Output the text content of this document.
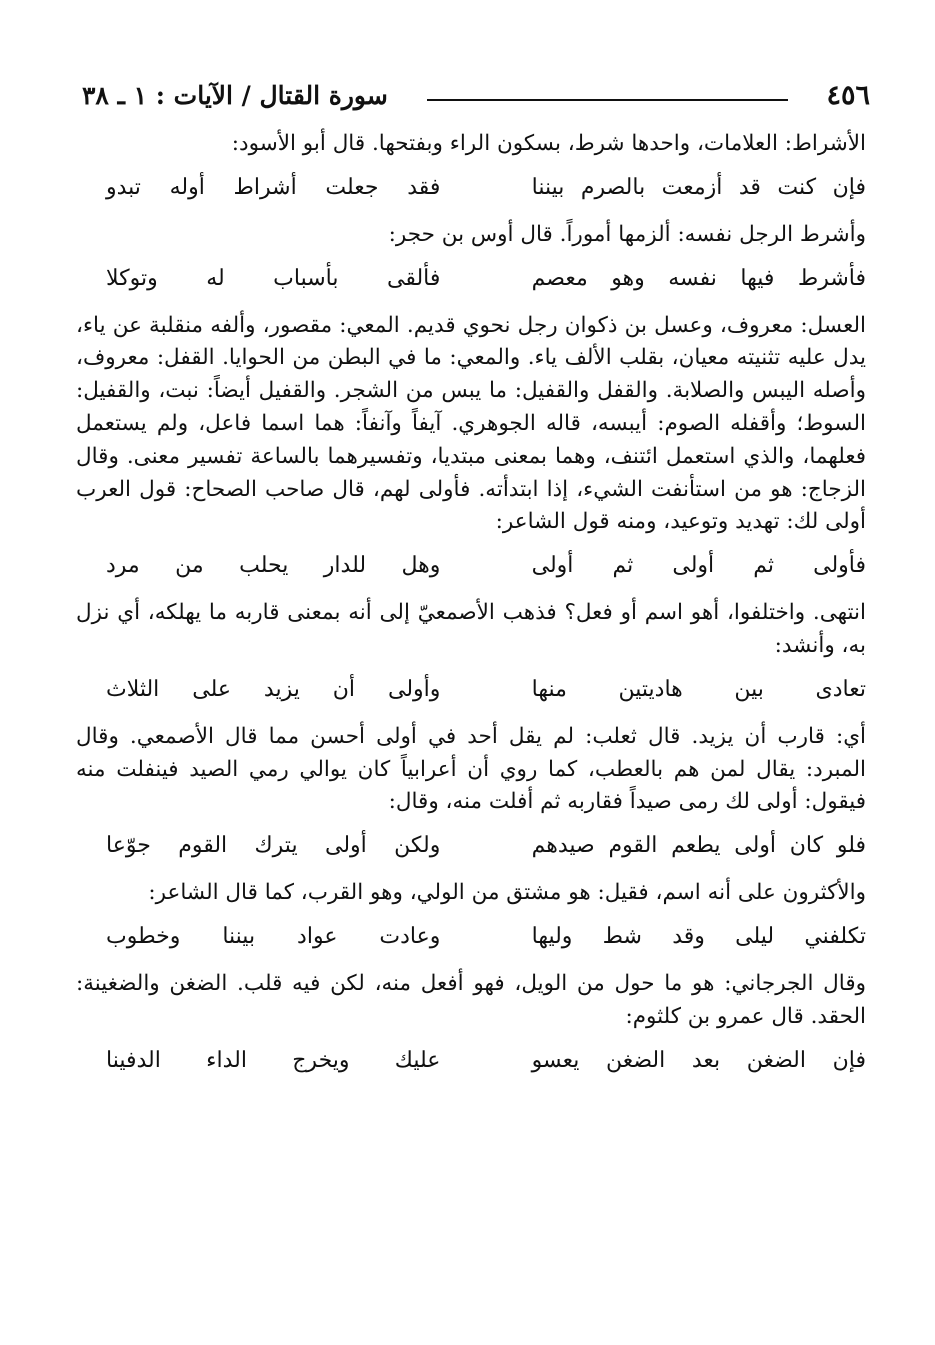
٤٥٦
سورة القتال / الآيات : ١ ـ ٣٨

الأشراط: العلامات، واحدها شرط، بسكون الراء وبفتحها. قال أبو الأسود:

فإن كنت قد أزمعت بالصرم بيننا
فقد جعلت أشراط أوله تبدو

وأشرط الرجل نفسه: ألزمها أموراً. قال أوس بن حجر:

فأشرط فيها نفسه وهو معصم
فألقى بأسباب له وتوكلا

العسل: معروف، وعسل بن ذكوان رجل نحوي قديم. المعي: مقصور، وألفه منقلبة عن ياء، يدل عليه تثنيته معيان، بقلب الألف ياء. والمعي: ما في البطن من الحوايا. القفل: معروف، وأصله اليبس والصلابة. والقفل والقفيل: ما يبس من الشجر. والقفيل أيضاً: نبت، والقفيل: السوط؛ وأقفله الصوم: أيبسه، قاله الجوهري. آيفاً وآنفاً: هما اسما فاعل، ولم يستعمل فعلهما، والذي استعمل ائتنف، وهما بمعنى مبتديا، وتفسيرهما بالساعة تفسير معنى. وقال الزجاج: هو من استأنفت الشيء، إذا ابتدأته. فأولى لهم، قال صاحب الصحاح: قول العرب أولى لك: تهديد وتوعيد، ومنه قول الشاعر:

فأولى ثم أولى ثم أولى
وهل للدار يحلب من مرد

انتهى. واختلفوا، أهو اسم أو فعل؟ فذهب الأصمعيّ إلى أنه بمعنى قاربه ما يهلكه، أي نزل به، وأنشد:

تعادى بين هاديتين منها
وأولى أن يزيد على الثلاث

أي: قارب أن يزيد. قال ثعلب: لم يقل أحد في أولى أحسن مما قال الأصمعي. وقال المبرد: يقال لمن هم بالعطب، كما روي أن أعرابياً كان يوالي رمي الصيد فينفلت منه فيقول: أولى لك رمى صيداً فقاربه ثم أفلت منه، وقال:

فلو كان أولى يطعم القوم صيدهم
ولكن أولى يترك القوم جوّعا

والأكثرون على أنه اسم، فقيل: هو مشتق من الولي، وهو القرب، كما قال الشاعر:

تكلفني ليلى وقد شط وليها
وعادت عواد بيننا وخطوب

وقال الجرجاني: هو ما حول من الويل، فهو أفعل منه، لكن فيه قلب. الضغن والضغينة: الحقد. قال عمرو بن كلثوم:

فإن الضغن بعد الضغن يعسو
عليك ويخرج الداء الدفينا
